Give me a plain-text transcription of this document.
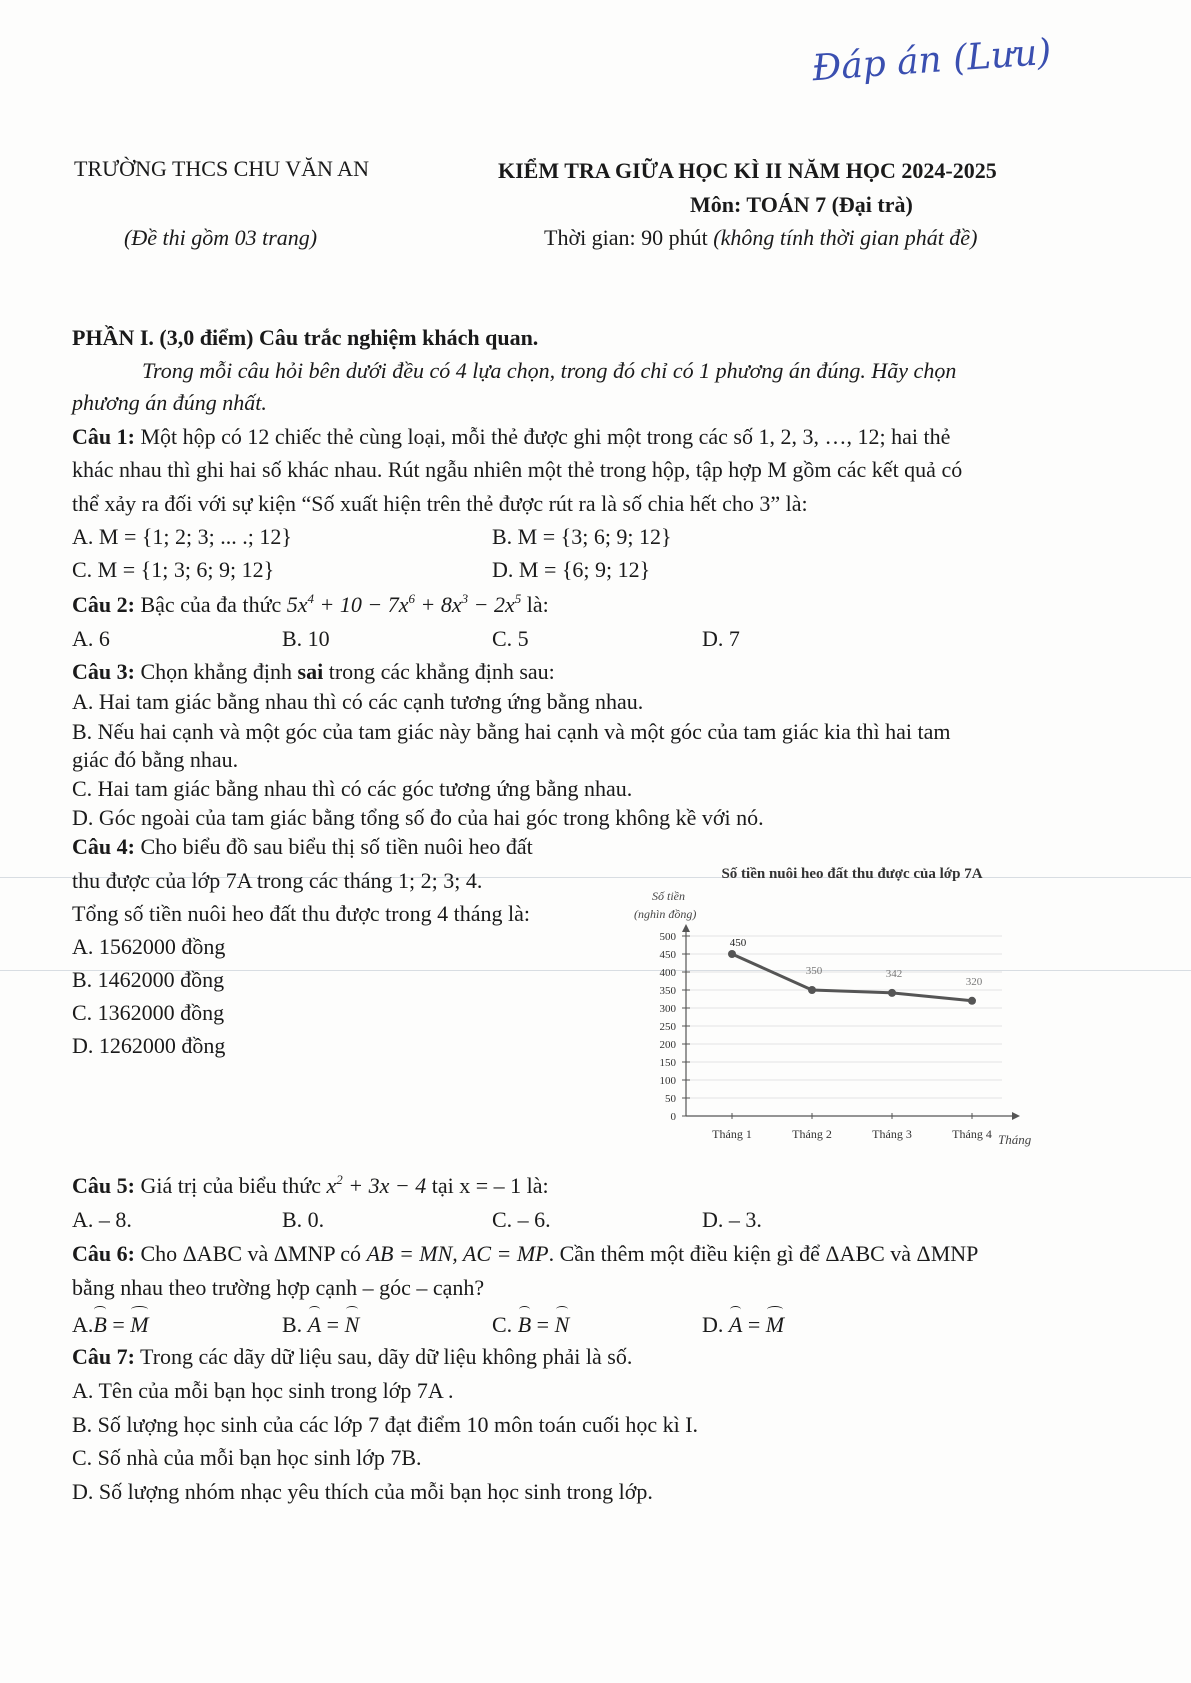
Đáp án (Lưu)
TRƯỜNG THCS CHU VĂN AN
(Đề thi gồm 03 trang)
KIỂM TRA GIỮA HỌC KÌ II NĂM HỌC 2024-2025
Môn: TOÁN 7 (Đại trà)
Thời gian: 90 phút (không tính thời gian phát đề)
PHẦN I. (3,0 điểm) Câu trắc nghiệm khách quan.
Trong mỗi câu hỏi bên dưới đều có 4 lựa chọn, trong đó chỉ có 1 phương án đúng. Hãy chọn
phương án đúng nhất.
Câu 1: Một hộp có 12 chiếc thẻ cùng loại, mỗi thẻ được ghi một trong các số 1, 2, 3, …, 12; hai thẻ
khác nhau thì ghi hai số khác nhau. Rút ngẫu nhiên một thẻ trong hộp, tập hợp M gồm các kết quả có
thể xảy ra đối với sự kiện “Số xuất hiện trên thẻ được rút ra là số chia hết cho 3” là:
A. M = {1; 2; 3; ... .; 12}	B. M = {3; 6; 9; 12}
C. M = {1; 3; 6; 9; 12}	D. M = {6; 9; 12}
Câu 2: Bậc của đa thức $5x^4 + 10 - 7x^6 + 8x^3 - 2x^5$ là:
A. 6	B. 10	C. 5	D. 7
Câu 3: Chọn khẳng định sai trong các khẳng định sau:
A. Hai tam giác bằng nhau thì có các cạnh tương ứng bằng nhau.
B. Nếu hai cạnh và một góc của tam giác này bằng hai cạnh và một góc của tam giác kia thì hai tam
giác đó bằng nhau.
C. Hai tam giác bằng nhau thì có các góc tương ứng bằng nhau.
D. Góc ngoài của tam giác bằng tổng số đo của hai góc trong không kề với nó.
Câu 4: Cho biểu đồ sau biểu thị số tiền nuôi heo đất
thu được của lớp 7A trong các tháng 1; 2; 3; 4.
Tổng số tiền nuôi heo đất thu được trong 4 tháng là:
A. 1562000 đồng
B. 1462000 đồng
C. 1362000 đồng
D. 1262000 đồng
Số tiền nuôi heo đất thu được của lớp 7A
Số tiền
(nghìn đồng)
Tháng
0
50
100
150
200
250
300
350
400
450
500
Tháng 1	Tháng 2	Tháng 3	Tháng 4
450
350	342
320
Câu 5: Giá trị của biểu thức $x^2 + 3x - 4$ tại x = – 1 là:
A. – 8.	B. 0.	C. – 6.	D. – 3.
Câu 6: Cho ΔABC và ΔMNP có AB = MN, AC = MP. Cần thêm một điều kiện gì để ΔABC và ΔMNP
bằng nhau theo trường hợp cạnh – góc – cạnh?
A.B = M	B. A = N	C. B = N	D. A = M
Câu 7: Trong các dãy dữ liệu sau, dãy dữ liệu không phải là số.
A. Tên của mỗi bạn học sinh trong lớp 7A .
B. Số lượng học sinh của các lớp 7 đạt điểm 10 môn toán cuối học kì I.
C. Số nhà của mỗi bạn học sinh lớp 7B.
D. Số lượng nhóm nhạc yêu thích của mỗi bạn học sinh trong lớp.
